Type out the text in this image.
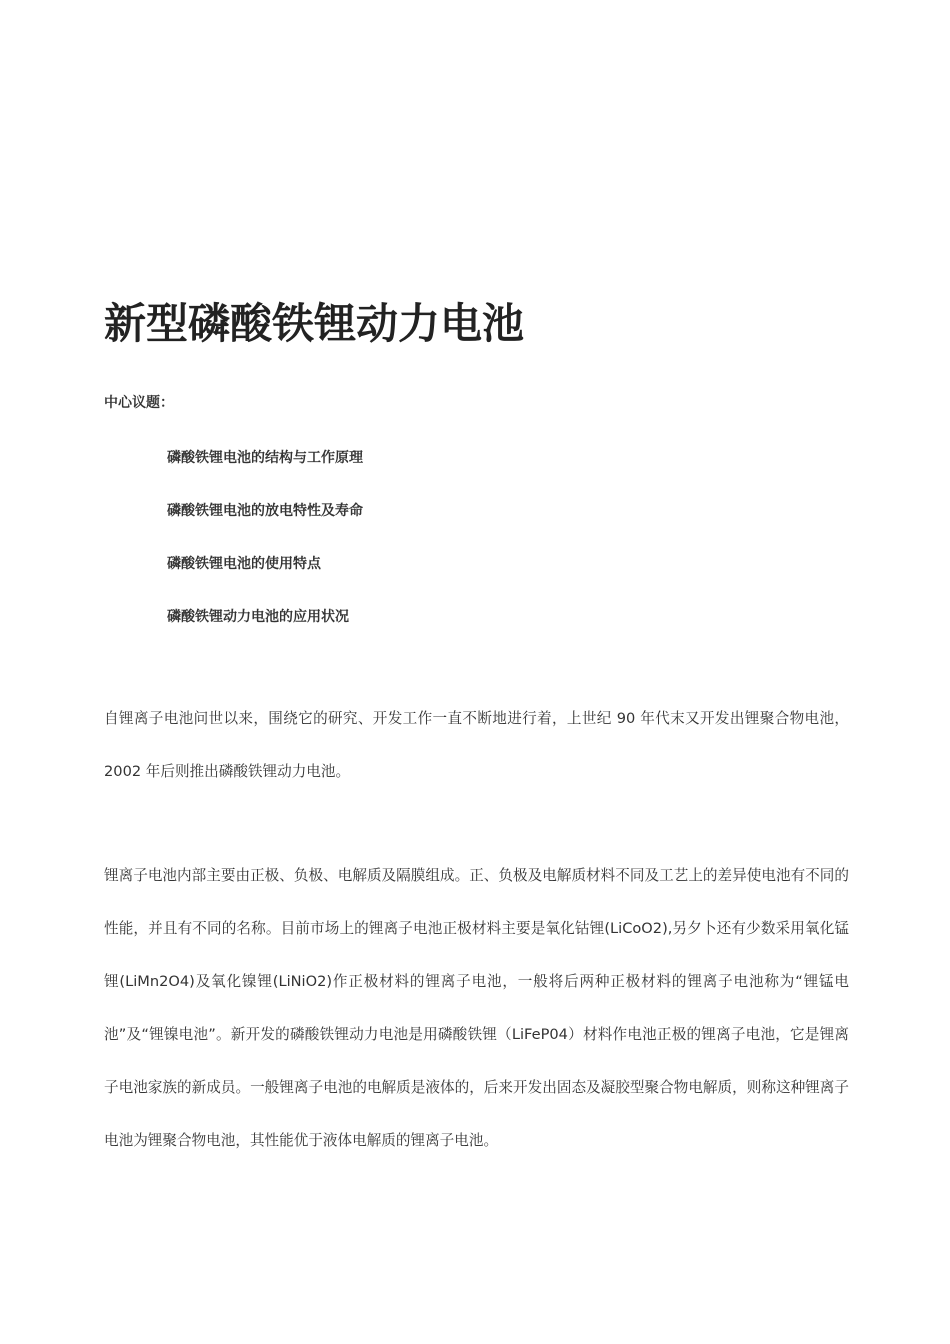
新型磷酸铁锂动力电池

中心议题：

磷酸铁锂电池的结构与工作原理
磷酸铁锂电池的放电特性及寿命
磷酸铁锂电池的使用特点
磷酸铁锂动力电池的应用状况

自锂离子电池问世以来，围绕它的研究、开发工作一直不断地进行着，上世纪 90 年代末又开发出锂聚合物电池，2002 年后则推出磷酸铁锂动力电池。

锂离子电池内部主要由正极、负极、电解质及隔膜组成。正、负极及电解质材料不同及工艺上的差异使电池有不同的性能，并且有不同的名称。目前市场上的锂离子电池正极材料主要是氧化钴锂(LiCoO2),另夕卜还有少数采用氧化锰锂(LiMn2O4)及氧化镍锂(LiNiO2)作正极材料的锂离子电池，一般将后两种正极材料的锂离子电池称为“锂锰电池”及“锂镍电池”。新开发的磷酸铁锂动力电池是用磷酸铁锂（LiFeP04）材料作电池正极的锂离子电池，它是锂离子电池家族的新成员。一般锂离子电池的电解质是液体的，后来开发出固态及凝胶型聚合物电解质，则称这种锂离子电池为锂聚合物电池，其性能优于液体电解质的锂离子电池。
